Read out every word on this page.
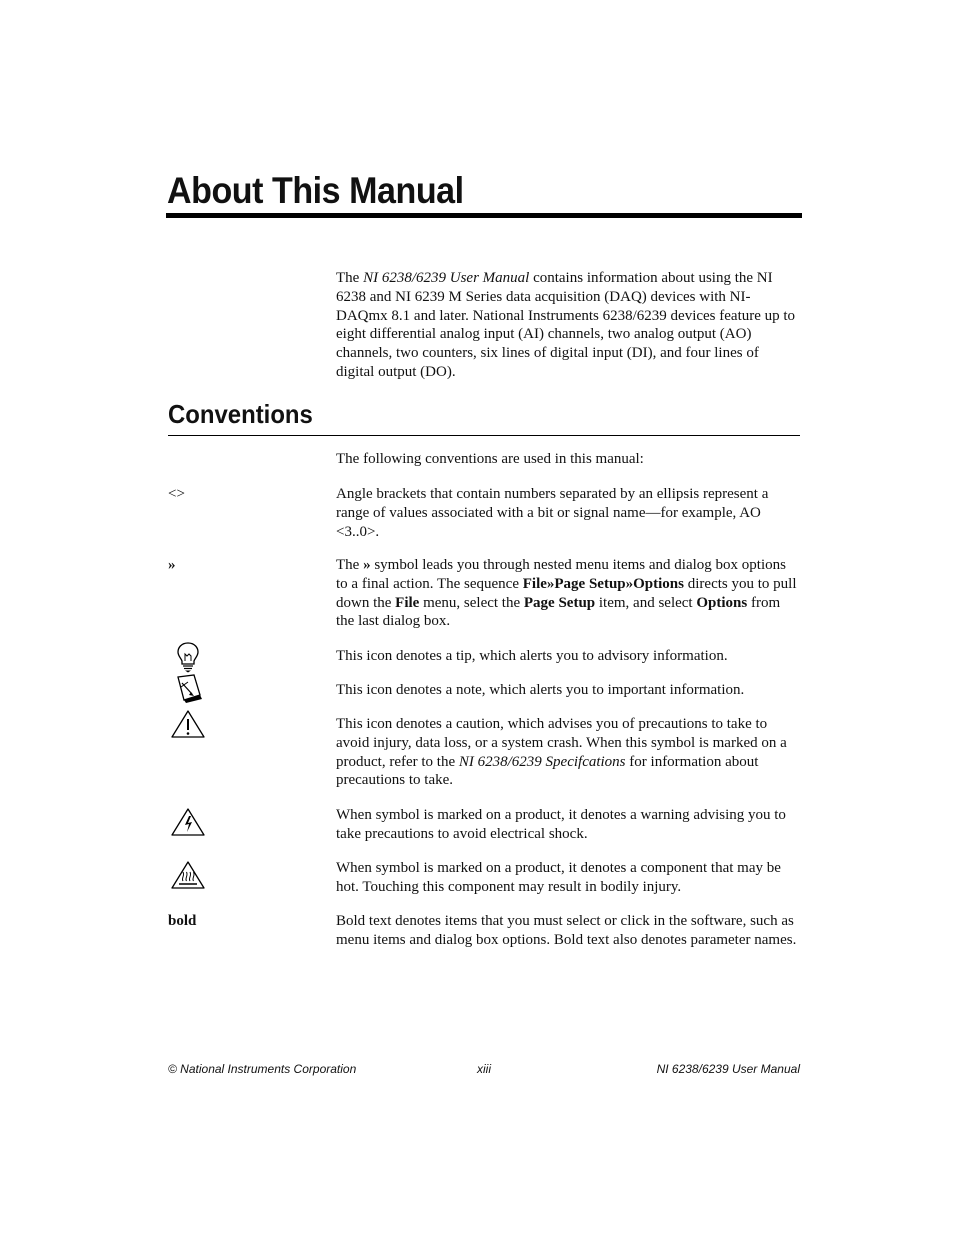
About This Manual

The NI 6238/6239 User Manual contains information about using the NI 6238 and NI 6239 M Series data acquisition (DAQ) devices with NI-DAQmx 8.1 and later. National Instruments 6238/6239 devices feature up to eight differential analog input (AI) channels, two analog output (AO) channels, two counters, six lines of digital input (DI), and four lines of digital output (DO).

Conventions

The following conventions are used in this manual:

<>	Angle brackets that contain numbers separated by an ellipsis represent a range of values associated with a bit or signal name—for example, AO <3..0>.

»	The » symbol leads you through nested menu items and dialog box options to a final action. The sequence File»Page Setup»Options directs you to pull down the File menu, select the Page Setup item, and select Options from the last dialog box.

This icon denotes a tip, which alerts you to advisory information.

This icon denotes a note, which alerts you to important information.

This icon denotes a caution, which advises you of precautions to take to avoid injury, data loss, or a system crash. When this symbol is marked on a product, refer to the NI 6238/6239 Specifcations for information about precautions to take.

When symbol is marked on a product, it denotes a warning advising you to take precautions to avoid electrical shock.

When symbol is marked on a product, it denotes a component that may be hot. Touching this component may result in bodily injury.

bold	Bold text denotes items that you must select or click in the software, such as menu items and dialog box options. Bold text also denotes parameter names.

© National Instruments Corporation	xiii	NI 6238/6239 User Manual
